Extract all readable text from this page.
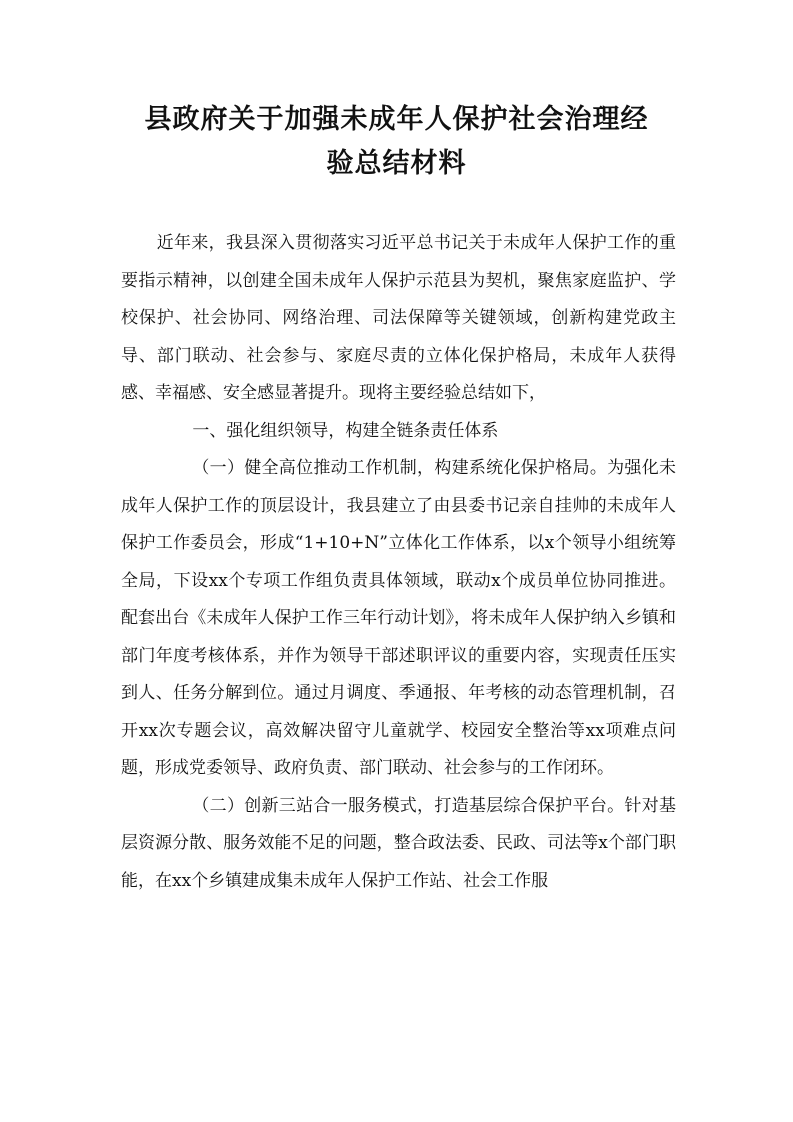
县政府关于加强未成年人保护社会治理经
验总结材料

近年来，我县深入贯彻落实习近平总书记关于未成年人保护工作的重要指示精神，以创建全国未成年人保护示范县为契机，聚焦家庭监护、学校保护、社会协同、网络治理、司法保障等关键领域，创新构建党政主导、部门联动、社会参与、家庭尽责的立体化保护格局，未成年人获得感、幸福感、安全感显著提升。现将主要经验总结如下，

一、强化组织领导，构建全链条责任体系

（一）健全高位推动工作机制，构建系统化保护格局。为强化未成年人保护工作的顶层设计，我县建立了由县委书记亲自挂帅的未成年人保护工作委员会，形成“1+10+N”立体化工作体系，以x个领导小组统筹全局，下设xx个专项工作组负责具体领域，联动x个成员单位协同推进。配套出台《未成年人保护工作三年行动计划》，将未成年人保护纳入乡镇和部门年度考核体系，并作为领导干部述职评议的重要内容，实现责任压实到人、任务分解到位。通过月调度、季通报、年考核的动态管理机制，召开xx次专题会议，高效解决留守儿童就学、校园安全整治等xx项难点问题，形成党委领导、政府负责、部门联动、社会参与的工作闭环。

（二）创新三站合一服务模式，打造基层综合保护平台。针对基层资源分散、服务效能不足的问题，整合政法委、民政、司法等x个部门职能，在xx个乡镇建成集未成年人保护工作站、社会工作服
